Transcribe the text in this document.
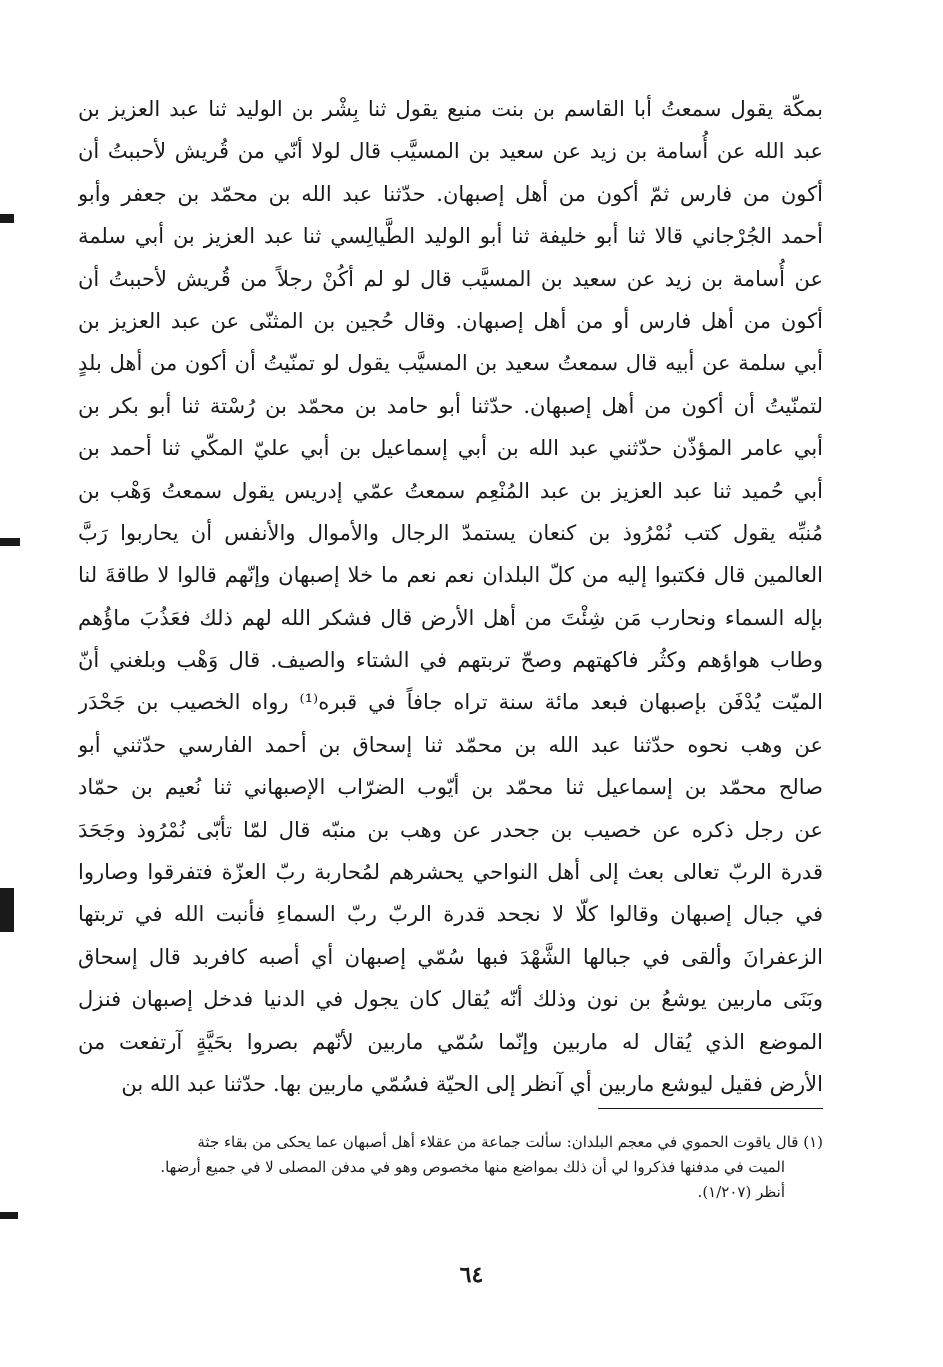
بمكّة يقول سمعتُ أبا القاسم بن بنت منيع يقول ثنا بِشْر بن الوليد ثنا عبد العزيز بن
عبد الله عن أُسامة بن زيد عن سعيد بن المسيَّب قال لولا أنّي من قُريش لأحببتُ أن
أكون من فارس ثمّ أكون من أهل إصبهان. حدّثنا عبد الله بن محمّد بن جعفر وأبو
أحمد الجُرْجاني قالا ثنا أبو خليفة ثنا أبو الوليد الطَّيالِسي ثنا عبد العزيز بن أبي سلمة
عن أُسامة بن زيد عن سعيد بن المسيَّب قال لو لم أكُنْ رجلاً من قُريش لأحببتُ أن
أكون من أهل فارس أو من أهل إصبهان. وقال حُجين بن المثنّى عن عبد العزيز بن
أبي سلمة عن أبيه قال سمعتُ سعيد بن المسيَّب يقول لو تمنّيتُ أن أكون من أهل بلدٍ
لتمنّيتُ أن أكون من أهل إصبهان. حدّثنا أبو حامد بن محمّد بن رُسْتة ثنا أبو بكر بن
أبي عامر المؤذّن حدّثني عبد الله بن أبي إسماعيل بن أبي عليّ المكّي ثنا أحمد بن
أبي حُميد ثنا عبد العزيز بن عبد المُنْعِم سمعتُ عمّي إدريس يقول سمعتُ وَهْب بن
مُنبِّه يقول كتب نُمْرُوذ بن كنعان يستمدّ الرجال والأموال والأنفس أن يحاربوا رَبَّ
العالمين قال فكتبوا إليه من كلّ البلدان نعم نعم ما خلا إصبهان وإنّهم قالوا لا طاقةَ لنا
بإله السماء ونحارب مَن شِئْتَ من أهل الأرض قال فشكر الله لهم ذلك فعَذُبَ ماؤُهم
وطاب هواؤهم وكثُر فاكهتهم وصحّ تربتهم في الشتاء والصيف. قال وَهْب وبلغني أنّ
الميّت يُدْفَن بإصبهان فبعد مائة سنة تراه جافاً في قبره⁽¹⁾ رواه الخصيب بن جَحْدَر
عن وهب نحوه حدّثنا عبد الله بن محمّد ثنا إسحاق بن أحمد الفارسي حدّثني أبو
صالح محمّد بن إسماعيل ثنا محمّد بن أيّوب الضرّاب الإصبهاني ثنا نُعيم بن حمّاد
عن رجل ذكره عن خصيب بن جحدر عن وهب بن منبّه قال لمّا تأبّى نُمْرُوذ وجَحَدَ
قدرة الربّ تعالى بعث إلى أهل النواحي يحشرهم لمُحاربة ربّ العزّة فتفرقوا وصاروا
في جبال إصبهان وقالوا كلّا لا نجحد قدرة الربّ ربّ السماءِ فأنبت الله في تربتها
الزعفرانَ وألقى في جبالها الشَّهْدَ فبها سُمّي إصبهان أي أصبه كافربد قال إسحاق
وبَنَى ماربين يوشعُ بن نون وذلك أنّه يُقال كان يجول في الدنيا فدخل إصبهان فنزل
الموضع الذي يُقال له ماربين وإنّما سُمّي ماربين لأنّهم بصروا بحَيَّةٍ آرتفعت من
الأرض فقيل ليوشع ماربين أي آنظر إلى الحيّة فسُمّي ماربين بها. حدّثنا عبد الله بن
(١) قال ياقوت الحموي في معجم البلدان: سألت جماعة من عقلاء أهل أصبهان عما يحكى من بقاء جثة
الميت في مدفنها فذكروا لي أن ذلك بمواضع منها مخصوص وهو في مدفن المصلى لا في جميع أرضها.
أنظر (١/٢٠٧).
٦٤
